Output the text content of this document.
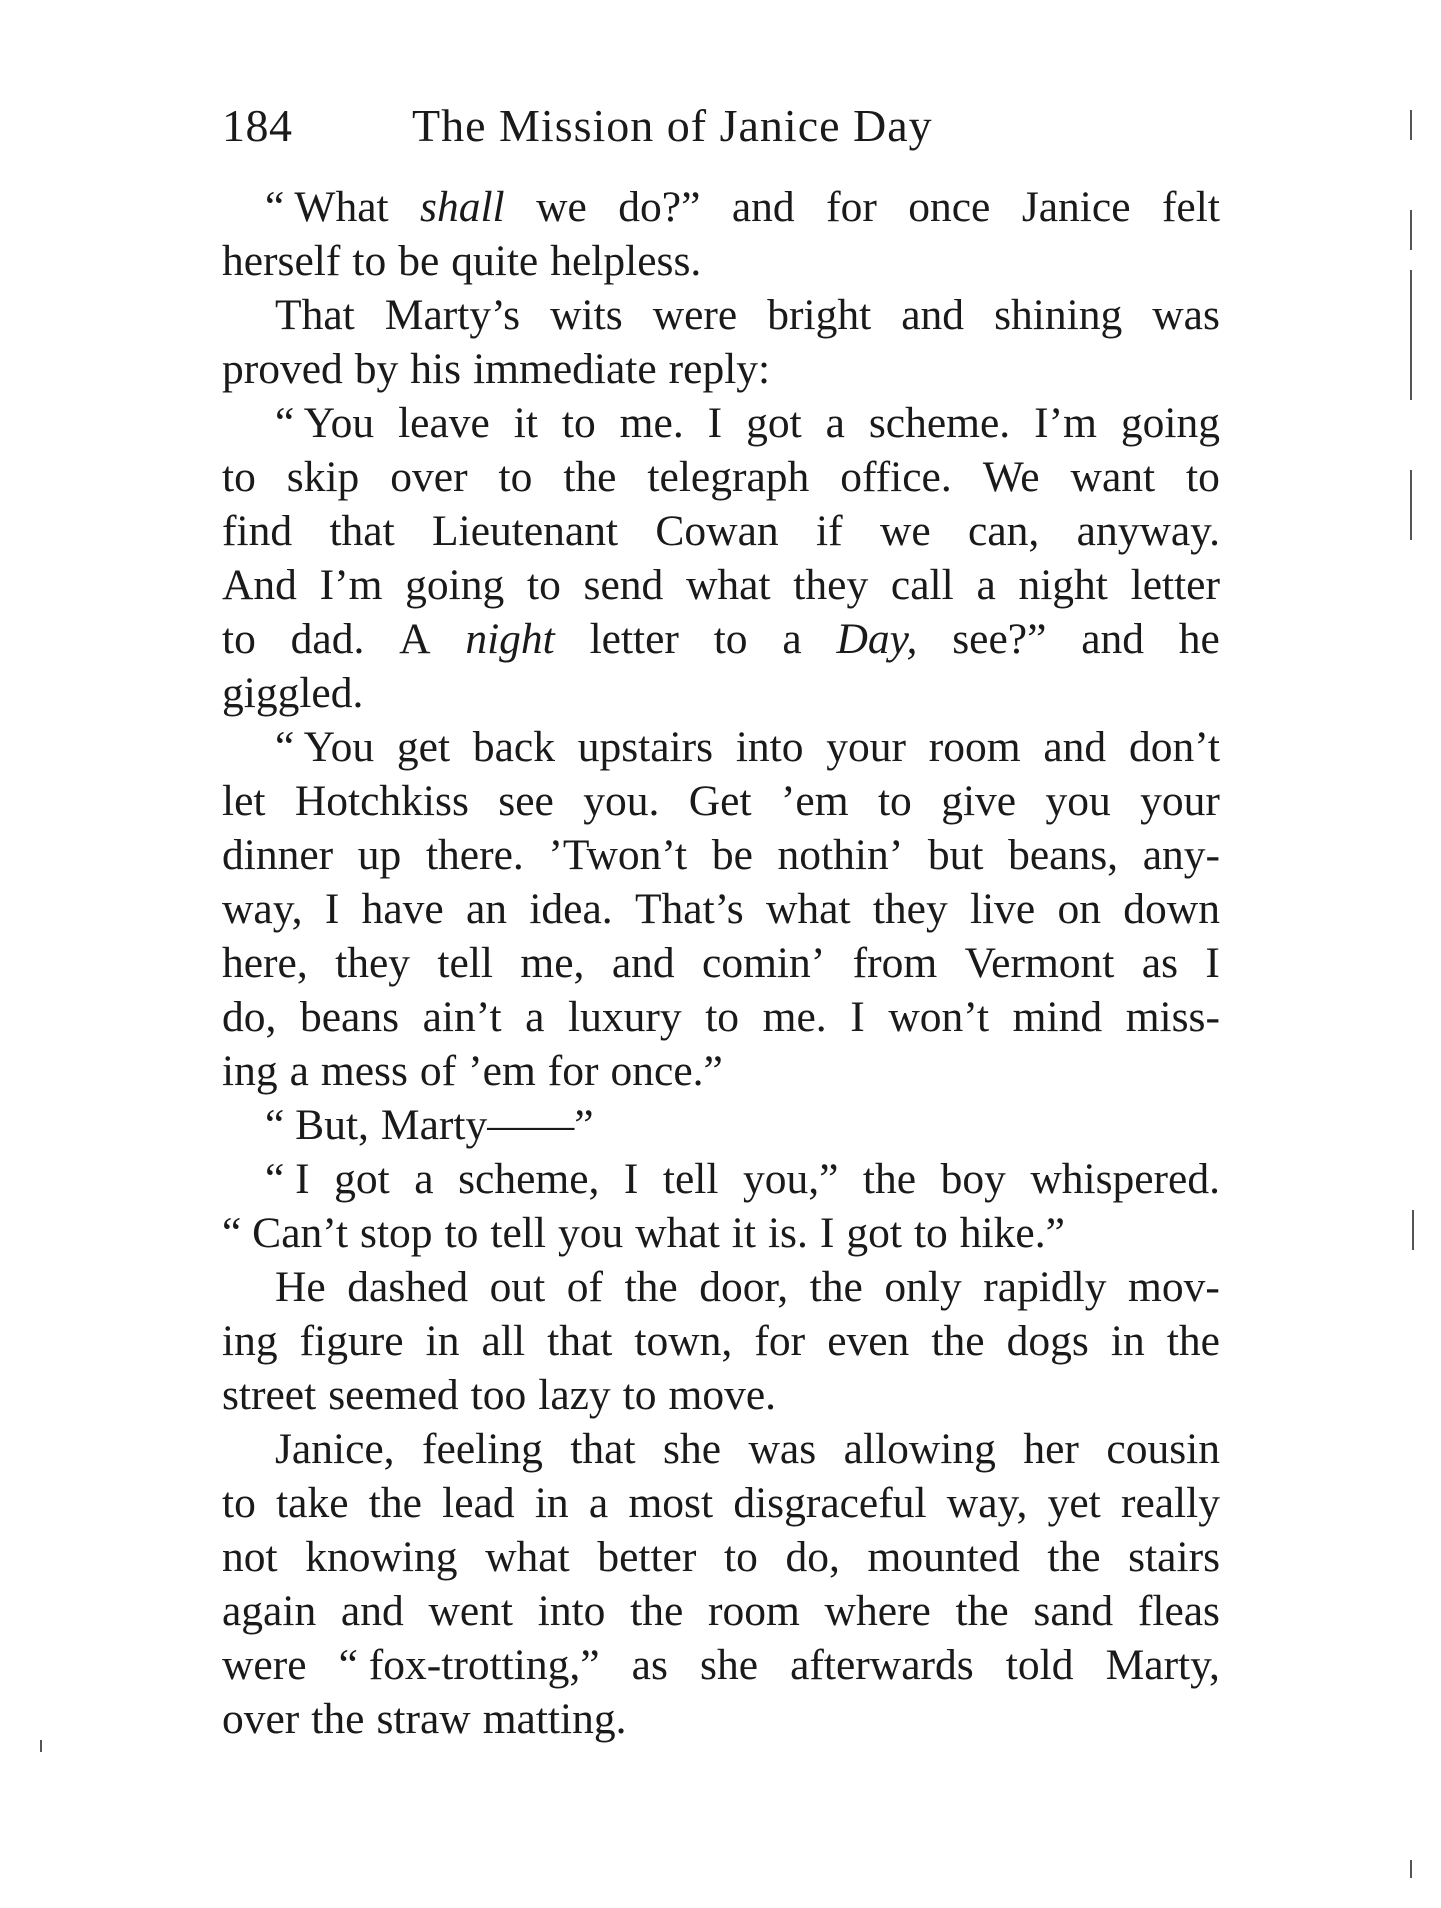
184	The Mission of Janice Day
“ What shall we do?” and for once Janice felt
herself to be quite helpless.
That Marty’s wits were bright and shining was
proved by his immediate reply:
“ You leave it to me. I got a scheme. I’m going
to skip over to the telegraph office. We want to
find that Lieutenant Cowan if we can, anyway.
And I’m going to send what they call a night letter
to dad. A night letter to a Day, see?” and he
giggled.
“ You get back upstairs into your room and don’t
let Hotchkiss see you. Get ’em to give you your
dinner up there. ’Twon’t be nothin’ but beans, any-
way, I have an idea. That’s what they live on down
here, they tell me, and comin’ from Vermont as I
do, beans ain’t a luxury to me. I won’t mind miss-
ing a mess of ’em for once.”
“ But, Marty——”
“ I got a scheme, I tell you,” the boy whispered.
“ Can’t stop to tell you what it is. I got to hike.”
He dashed out of the door, the only rapidly mov-
ing figure in all that town, for even the dogs in the
street seemed too lazy to move.
Janice, feeling that she was allowing her cousin
to take the lead in a most disgraceful way, yet really
not knowing what better to do, mounted the stairs
again and went into the room where the sand fleas
were “ fox-trotting,” as she afterwards told Marty,
over the straw matting.
